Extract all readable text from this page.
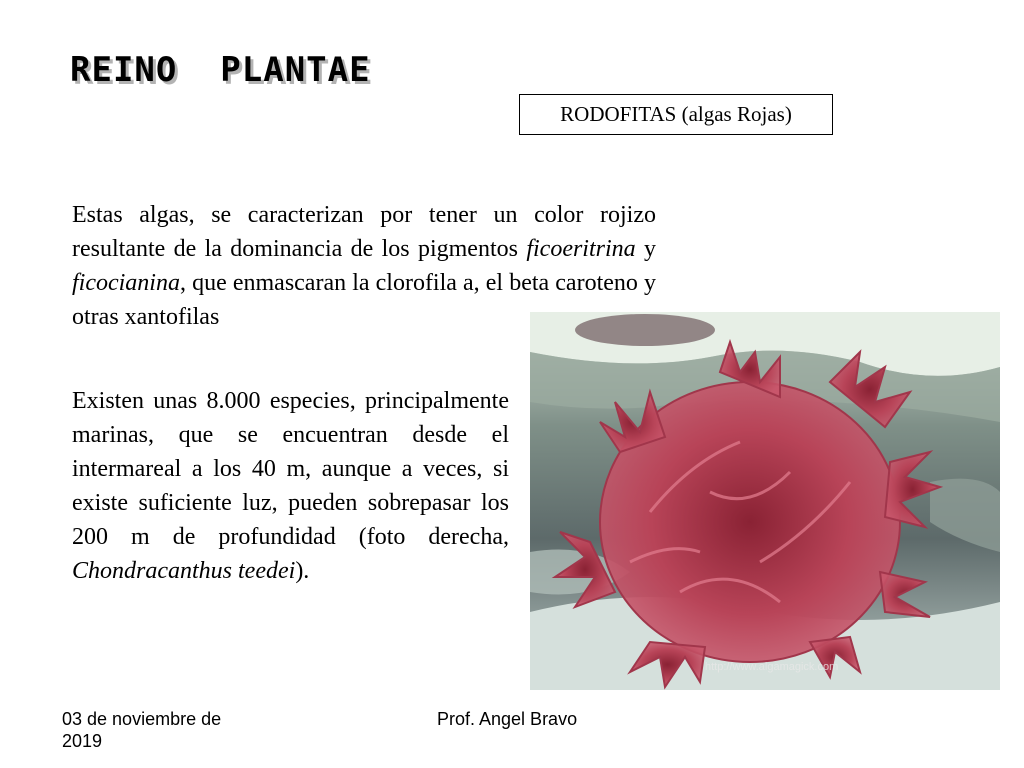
REINO  PLANTAE
RODOFITAS (algas Rojas)

Estas algas, se caracterizan por tener un color rojizo resultante de la dominancia de los pigmentos ficoeritrina y ficocianina, que enmascaran la clorofila a, el beta caroteno y otras xantofilas

Existen unas 8.000 especies, principalmente marinas, que se encuentran desde el intermareal a los 40 m, aunque a veces, si existe suficiente luz, pueden sobrepasar los 200 m de profundidad (foto derecha, Chondracanthus teedei).

http://www.algamagick.com
03 de noviembre de 2019
Prof. Angel Bravo
